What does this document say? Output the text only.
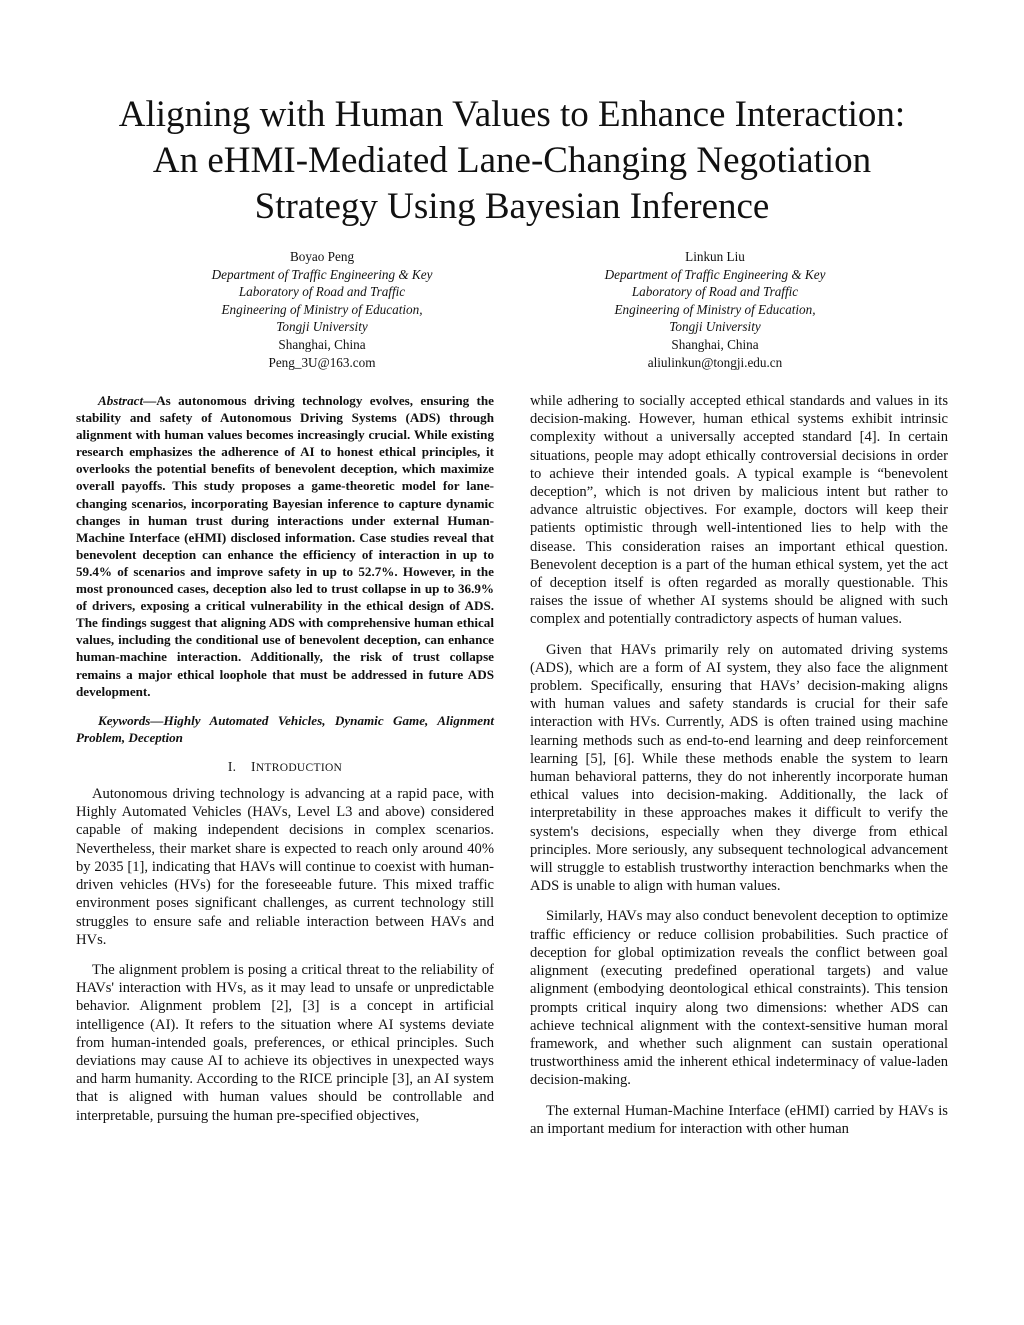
Aligning with Human Values to Enhance Interaction:
An eHMI-Mediated Lane-Changing Negotiation
Strategy Using Bayesian Inference
Boyao Peng
Department of Traffic Engineering & Key
Laboratory of Road and Traffic
Engineering of Ministry of Education,
Tongji University
Shanghai, China
Peng_3U@163.com
Linkun Liu
Department of Traffic Engineering & Key
Laboratory of Road and Traffic
Engineering of Ministry of Education,
Tongji University
Shanghai, China
aliulinkun@tongji.edu.cn

Abstract—As autonomous driving technology evolves, ensuring the stability and safety of Autonomous Driving Systems (ADS) through alignment with human values becomes increasingly crucial. While existing research emphasizes the adherence of AI to honest ethical principles, it overlooks the potential benefits of benevolent deception, which maximize overall payoffs. This study proposes a game-theoretic model for lane-changing scenarios, incorporating Bayesian inference to capture dynamic changes in human trust during interactions under external Human-Machine Interface (eHMI) disclosed information. Case studies reveal that benevolent deception can enhance the efficiency of interaction in up to 59.4% of scenarios and improve safety in up to 52.7%. However, in the most pronounced cases, deception also led to trust collapse in up to 36.9% of drivers, exposing a critical vulnerability in the ethical design of ADS. The findings suggest that aligning ADS with comprehensive human ethical values, including the conditional use of benevolent deception, can enhance human-machine interaction. Additionally, the risk of trust collapse remains a major ethical loophole that must be addressed in future ADS development.

Keywords—Highly Automated Vehicles, Dynamic Game, Alignment Problem, Deception

I. INTRODUCTION

Autonomous driving technology is advancing at a rapid pace, with Highly Automated Vehicles (HAVs, Level L3 and above) considered capable of making independent decisions in complex scenarios. Nevertheless, their market share is expected to reach only around 40% by 2035 [1], indicating that HAVs will continue to coexist with human-driven vehicles (HVs) for the foreseeable future. This mixed traffic environment poses significant challenges, as current technology still struggles to ensure safe and reliable interaction between HAVs and HVs.

The alignment problem is posing a critical threat to the reliability of HAVs' interaction with HVs, as it may lead to unsafe or unpredictable behavior. Alignment problem [2], [3] is a concept in artificial intelligence (AI). It refers to the situation where AI systems deviate from human-intended goals, preferences, or ethical principles. Such deviations may cause AI to achieve its objectives in unexpected ways and harm humanity. According to the RICE principle [3], an AI system that is aligned with human values should be controllable and interpretable, pursuing the human pre-specified objectives,

while adhering to socially accepted ethical standards and values in its decision-making. However, human ethical systems exhibit intrinsic complexity without a universally accepted standard [4]. In certain situations, people may adopt ethically controversial decisions in order to achieve their intended goals. A typical example is “benevolent deception”, which is not driven by malicious intent but rather to advance altruistic objectives. For example, doctors will keep their patients optimistic through well-intentioned lies to help with the disease. This consideration raises an important ethical question. Benevolent deception is a part of the human ethical system, yet the act of deception itself is often regarded as morally questionable. This raises the issue of whether AI systems should be aligned with such complex and potentially contradictory aspects of human values.

Given that HAVs primarily rely on automated driving systems (ADS), which are a form of AI system, they also face the alignment problem. Specifically, ensuring that HAVs’ decision-making aligns with human values and safety standards is crucial for their safe interaction with HVs. Currently, ADS is often trained using machine learning methods such as end-to-end learning and deep reinforcement learning [5], [6]. While these methods enable the system to learn human behavioral patterns, they do not inherently incorporate human ethical values into decision-making. Additionally, the lack of interpretability in these approaches makes it difficult to verify the system's decisions, especially when they diverge from ethical principles. More seriously, any subsequent technological advancement will struggle to establish trustworthy interaction benchmarks when the ADS is unable to align with human values.

Similarly, HAVs may also conduct benevolent deception to optimize traffic efficiency or reduce collision probabilities. Such practice of deception for global optimization reveals the conflict between goal alignment (executing predefined operational targets) and value alignment (embodying deontological ethical constraints). This tension prompts critical inquiry along two dimensions: whether ADS can achieve technical alignment with the context-sensitive human moral framework, and whether such alignment can sustain operational trustworthiness amid the inherent ethical indeterminacy of value-laden decision-making.

The external Human-Machine Interface (eHMI) carried by HAVs is an important medium for interaction with other human
